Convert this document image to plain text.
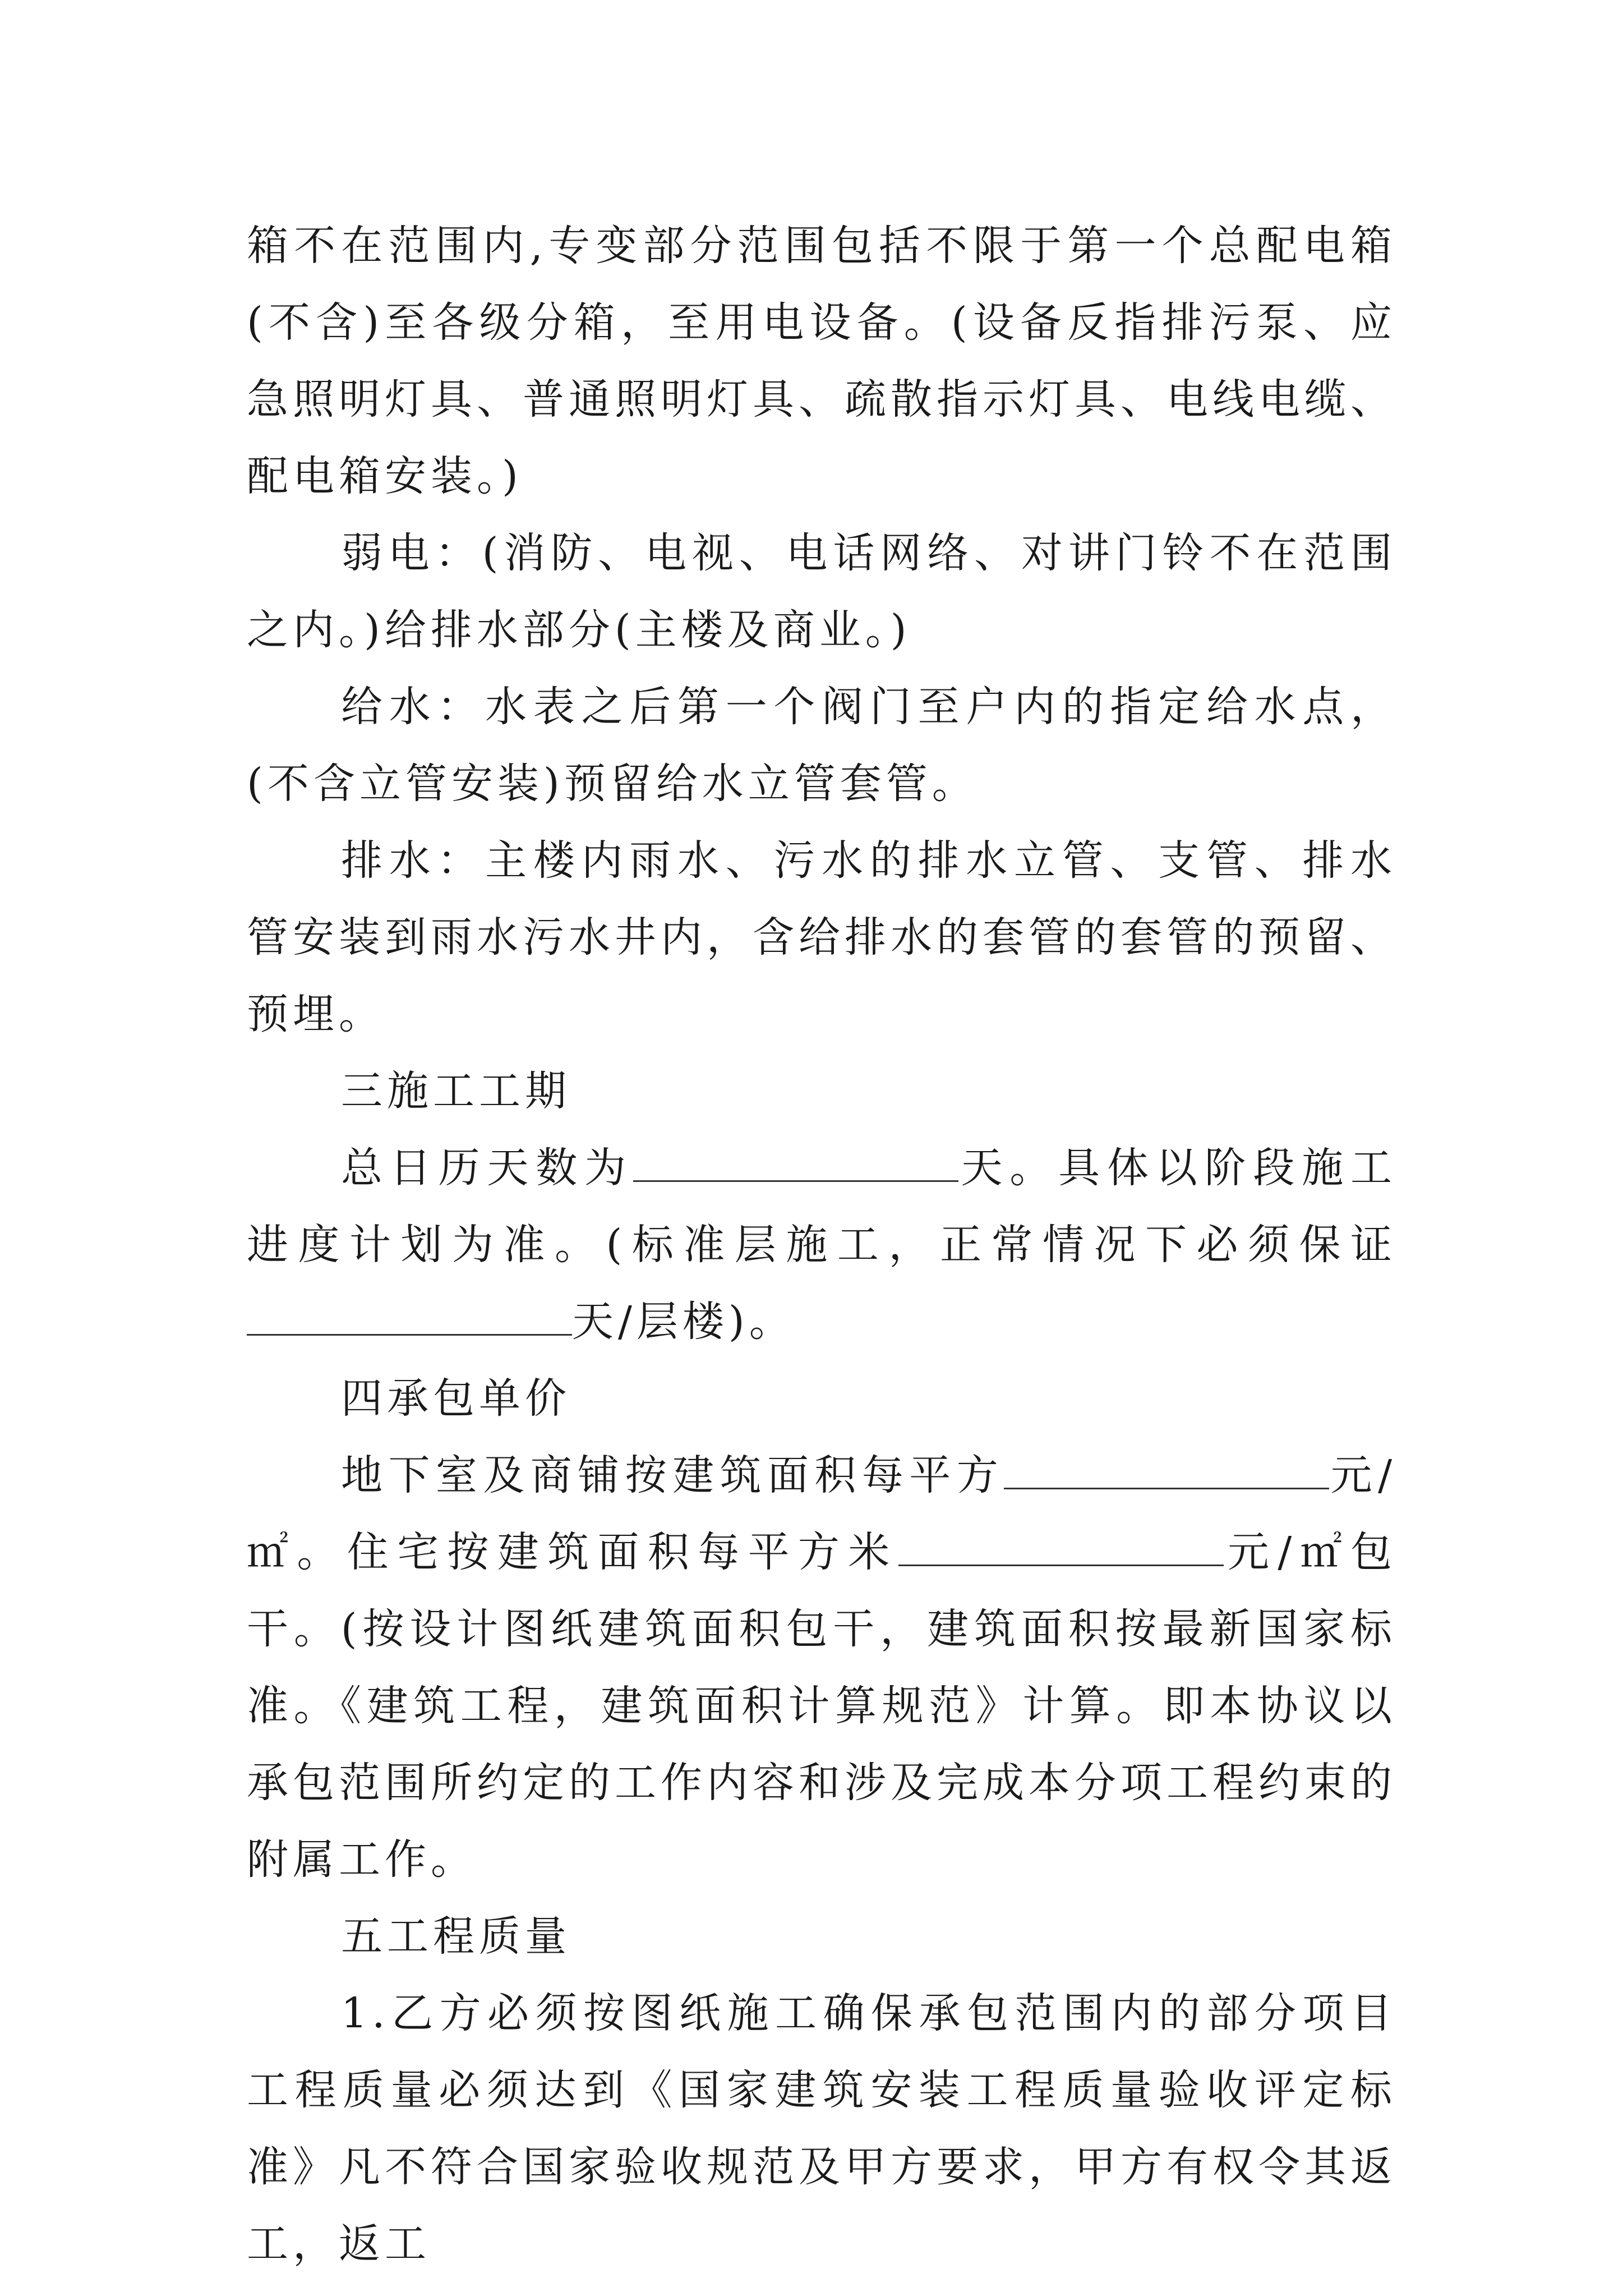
箱不在范围内,专变部分范围包括不限于第一个总配电箱(不含)至各级分箱，至用电设备。(设备反指排污泵、应急照明灯具、普通照明灯具、疏散指示灯具、电线电缆、配电箱安装。)

弱电：(消防、电视、电话网络、对讲门铃不在范围之内。)给排水部分(主楼及商业。)

给水：水表之后第一个阀门至户内的指定给水点，(不含立管安装)预留给水立管套管。

排水：主楼内雨水、污水的排水立管、支管、排水管安装到雨水污水井内，含给排水的套管的套管的预留、预埋。

三施工工期

总日历天数为	天。具体以阶段施工进度计划为准。(标准层施工，正常情况下必须保证天/层楼)。

四承包单价

地下室及商铺按建筑面积每平方	元/㎡。住宅按建筑面积每平方米	元/㎡包干。(按设计图纸建筑面积包干，建筑面积按最新国家标准。《建筑工程，建筑面积计算规范》计算。即本协议以承包范围所约定的工作内容和涉及完成本分项工程约束的附属工作。

五工程质量

1.乙方必须按图纸施工确保承包范围内的部分项目工程质量必须达到《国家建筑安装工程质量验收评定标准》凡不符合国家验收规范及甲方要求，甲方有权令其返工，返工
